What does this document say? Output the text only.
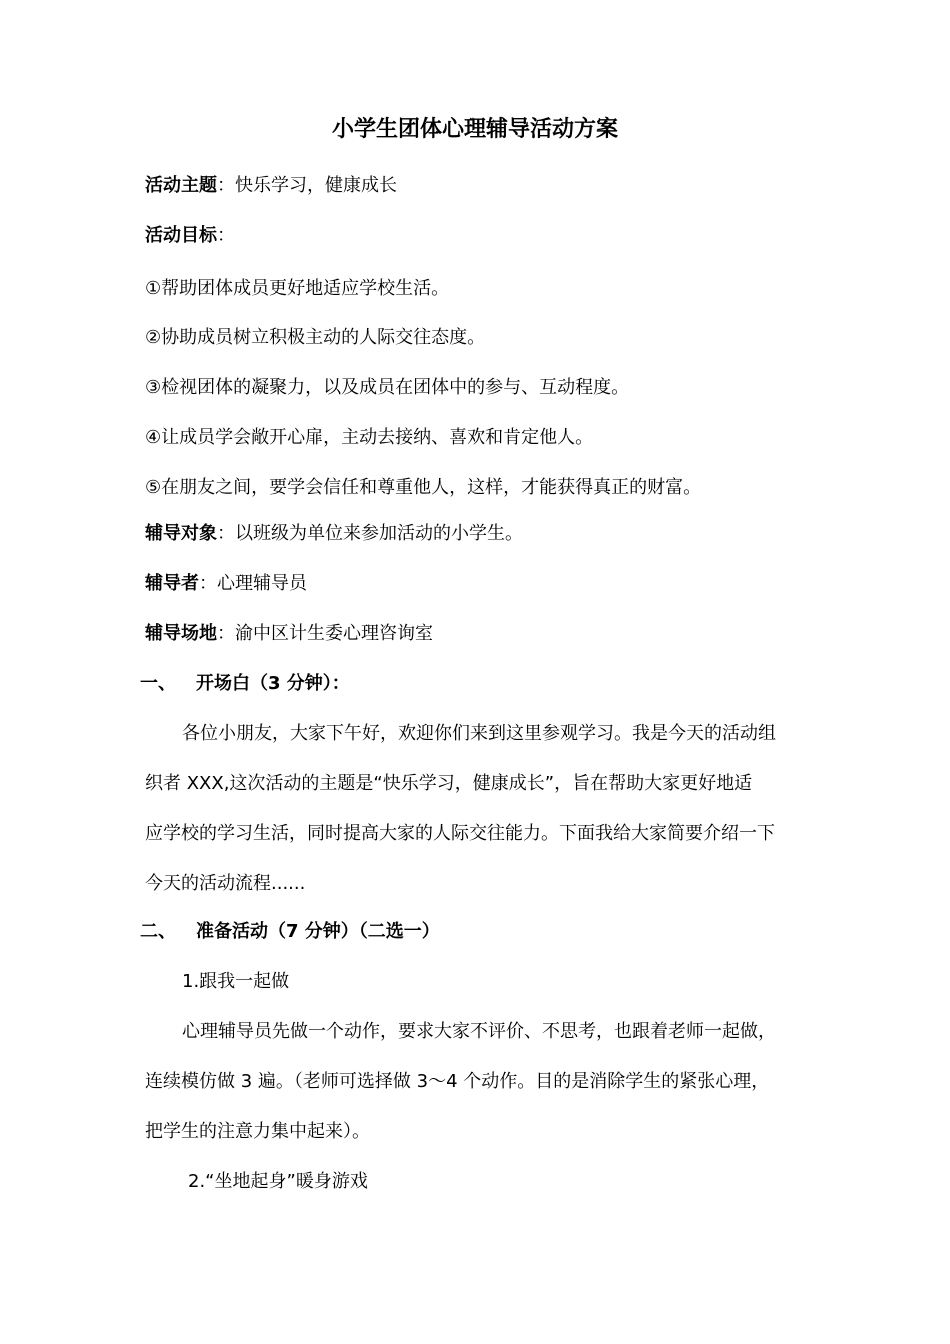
小学生团体心理辅导活动方案
活动主题：快乐学习，健康成长
活动目标：
①帮助团体成员更好地适应学校生活。
②协助成员树立积极主动的人际交往态度。
③检视团体的凝聚力，以及成员在团体中的参与、互动程度。
④让成员学会敞开心扉，主动去接纳、喜欢和肯定他人。
⑤在朋友之间，要学会信任和尊重他人，这样，才能获得真正的财富。
辅导对象：以班级为单位来参加活动的小学生。
辅导者：心理辅导员
辅导场地：渝中区计生委心理咨询室
一、 开场白（3 分钟）：
各位小朋友，大家下午好，欢迎你们来到这里参观学习。我是今天的活动组
织者 XXX,这次活动的主题是“快乐学习，健康成长”，旨在帮助大家更好地适
应学校的学习生活，同时提高大家的人际交往能力。下面我给大家简要介绍一下
今天的活动流程......
二、 准备活动（7 分钟）（二选一）
1.跟我一起做
心理辅导员先做一个动作，要求大家不评价、不思考，也跟着老师一起做，
连续模仿做 3 遍。（老师可选择做 3～4 个动作。目的是消除学生的紧张心理，
把学生的注意力集中起来）。
2.“坐地起身”暖身游戏
